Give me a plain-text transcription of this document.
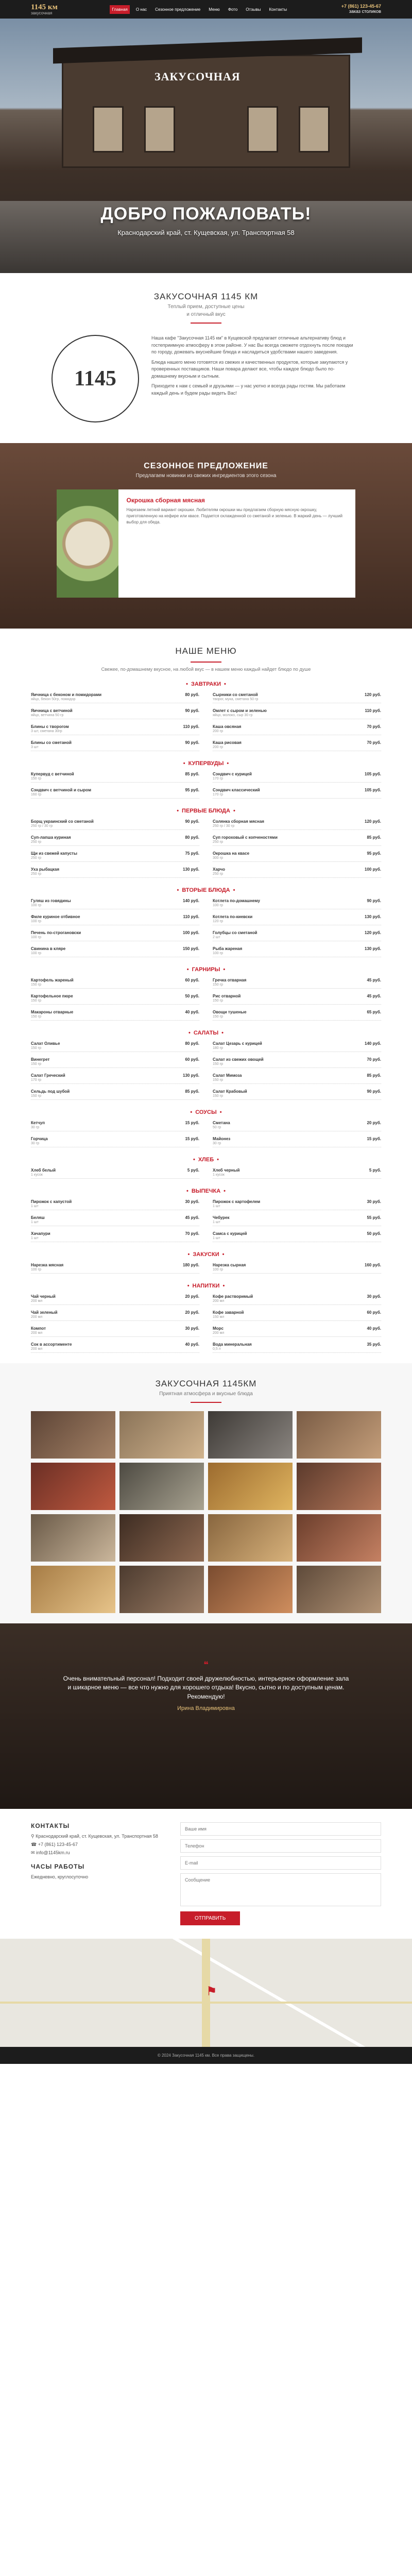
1145 км
закусочная
Главная	О нас	Сезонное предложение	Меню	Фото	Отзывы	Контакты
+7 (861) 123-45-67
заказ столиков
ЗАКУСОЧНАЯ
ДОБРО ПОЖАЛОВАТЬ!

Краснодарский край, ст. Кущевская, ул. Транспортная 58

ЗАКУСОЧНАЯ 1145 КМ
Теплый прием, доступные цены
и отличный вкус
1145

Наша кафе "Закусочная 1145 км" в Кущевской предлагает отличные альтернативу блюд и гостеприимную атмосферу в этом районе. У нас Вы всегда сможете отдохнуть после поездки по городу, дожевать вкуснейшие блюда и насладиться удобствами нашего заведения.

Блюда нашего меню готовятся из свежих и качественных продуктов, которые закупаются у проверенных поставщиков. Наши повара делают все, чтобы каждое блюдо было по-домашнему вкусным и сытным.

Приходите к нам с семьей и друзьями — у нас уютно и всегда рады гостям. Мы работаем каждый день и будем рады видеть Вас!

СЕЗОННОЕ ПРЕДЛОЖЕНИЕ
Предлагаем новинки из свежих ингредиентов этого сезона
Окрошка сборная мясная

Нарезаем летний вариант окрошки. Любителям окрошки мы предлагаем сборную мясную окрошку, приготовленную на кефире или квасе. Подается охлажденной со сметаной и зеленью. В жаркий день — лучший выбор для обеда.

НАШЕ МЕНЮ
Свежее, по-домашнему вкусное, на любой вкус — в нашем меню каждый найдет блюдо по душе
• ЗАВТРАКИ •
Яичница с беконом и помидорами	80 руб.
яйцо, бекон 50гр, помидор
Сырники со сметаной	120 руб.
творог, мука, сметана 50 гр
Яичница с ветчиной	90 руб.
яйцо, ветчина 50 гр
Омлет с сыром и зеленью	110 руб.
яйцо, молоко, сыр 30 гр
Блины с творогом	110 руб.
3 шт, сметана 30гр
Каша овсяная	70 руб.
200 гр
Блины со сметаной	90 руб.
3 шт
Каша рисовая	70 руб.
200 гр
• КУПЕРВУДЫ •
Купервуд с ветчиной	85 руб.
150 гр
Сэндвич с курицей	105 руб.
170 гр
Сэндвич с ветчиной и сыром	95 руб.
160 гр
Сэндвич классический	105 руб.
170 гр
• ПЕРВЫЕ БЛЮДА •
Борщ украинский со сметаной	90 руб.
250 гр / 30 гр
Солянка сборная мясная	120 руб.
250 гр / 30 гр
Суп-лапша куриная	80 руб.
250 гр
Суп гороховый с копченостями	85 руб.
250 гр
Щи из свежей капусты	75 руб.
250 гр
Окрошка на квасе	95 руб.
300 гр
Уха рыбацкая	130 руб.
250 гр
Харчо	100 руб.
250 гр
• ВТОРЫЕ БЛЮДА •
Гуляш из говядины	140 руб.
100 гр
Котлета по-домашнему	90 руб.
100 гр
Филе куриное отбивное	110 руб.
100 гр
Котлета по-киевски	130 руб.
120 гр
Печень по-строгановски	100 руб.
100 гр
Голубцы со сметаной	120 руб.
2 шт
Свинина в кляре	150 руб.
100 гр
Рыба жареная	130 руб.
100 гр
• ГАРНИРЫ •
Картофель жареный	60 руб.
150 гр
Гречка отварная	45 руб.
150 гр
Картофельное пюре	50 руб.
150 гр
Рис отварной	45 руб.
150 гр
Макароны отварные	40 руб.
150 гр
Овощи тушеные	65 руб.
150 гр
• САЛАТЫ •
Салат Оливье	80 руб.
150 гр
Салат Цезарь с курицей	140 руб.
180 гр
Винегрет	60 руб.
150 гр
Салат из свежих овощей	70 руб.
150 гр
Салат Греческий	130 руб.
170 гр
Салат Мимоза	85 руб.
150 гр
Сельдь под шубой	85 руб.
150 гр
Салат Крабовый	90 руб.
150 гр
• СОУСЫ •
Кетчуп	15 руб.
30 гр
Сметана	20 руб.
50 гр
Горчица	15 руб.
30 гр
Майонез	15 руб.
30 гр
• ХЛЕБ •
Хлеб белый	5 руб.
1 кусок
Хлеб черный	5 руб.
1 кусок
• ВЫПЕЧКА •
Пирожок с капустой	30 руб.
1 шт
Пирожок с картофелем	30 руб.
1 шт
Беляш	45 руб.
1 шт
Чебурек	55 руб.
1 шт
Хачапури	70 руб.
1 шт
Самса с курицей	50 руб.
1 шт
• ЗАКУСКИ •
Нарезка мясная	180 руб.
100 гр
Нарезка сырная	160 руб.
100 гр
• НАПИТКИ •
Чай черный	20 руб.
200 мл
Кофе растворимый	30 руб.
200 мл
Чай зеленый	20 руб.
200 мл
Кофе заварной	60 руб.
150 мл
Компот	30 руб.
200 мл
Морс	40 руб.
200 мл
Сок в ассортименте	40 руб.
200 мл
Вода минеральная	35 руб.
0,5 л
ЗАКУСОЧНАЯ 1145КМ
Приятная атмосфера и вкусные блюда
❝

Очень внимательный персонал! Подходит своей дружелюбностью, интерьерное оформление зала и шикарное меню — все что нужно для хорошего отдыха! Вкусно, сытно и по доступным ценам. Рекомендую!

Ирина Владимировна
КОНТАКТЫ
⚲ Краснодарский край, ст. Кущевская, ул. Транспортная 58
☎ +7 (861) 123-45-67
✉ info@1145km.ru
ЧАСЫ РАБОТЫ
Ежедневно, круглосуточно
Ваше имя Телефон E-mail Сообщение ОТПРАВИТЬ
⚑
© 2024 Закусочная 1145 км. Все права защищены.
